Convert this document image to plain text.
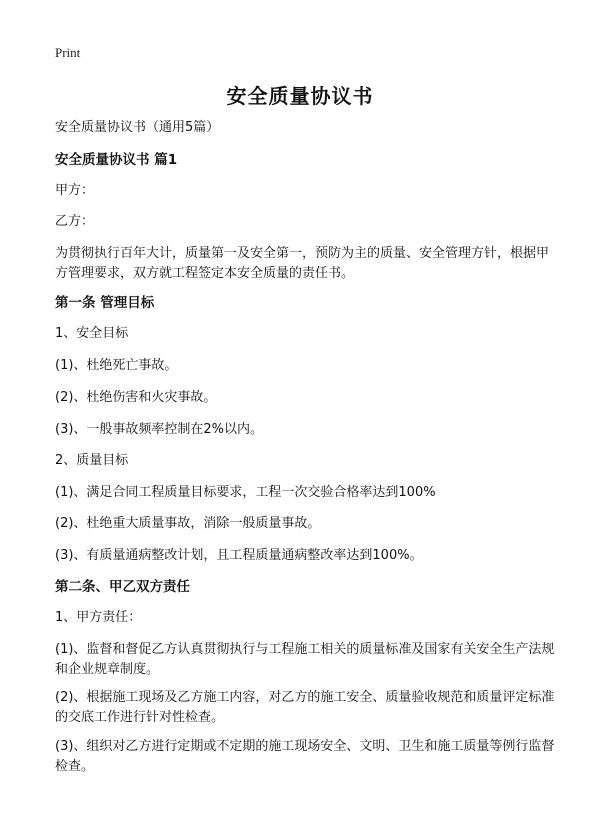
Print
安全质量协议书
安全质量协议书（通用5篇）
安全质量协议书 篇1
甲方：
乙方：
为贯彻执行百年大计，质量第一及安全第一，预防为主的质量、安全管理方针，根据甲方管理要求，双方就工程签定本安全质量的责任书。
第一条 管理目标
1、安全目标
(1)、杜绝死亡事故。
(2)、杜绝伤害和火灾事故。
(3)、一般事故频率控制在2%以内。
2、质量目标
(1)、满足合同工程质量目标要求，工程一次交验合格率达到100%
(2)、杜绝重大质量事故，消除一般质量事故。
(3)、有质量通病整改计划，且工程质量通病整改率达到100%。
第二条、甲乙双方责任
1、甲方责任：
(1)、监督和督促乙方认真贯彻执行与工程施工相关的质量标准及国家有关安全生产法规和企业规章制度。
(2)、根据施工现场及乙方施工内容，对乙方的施工安全、质量验收规范和质量评定标准的交底工作进行针对性检查。
(3)、组织对乙方进行定期或不定期的施工现场安全、文明、卫生和施工质量等例行监督检查。
